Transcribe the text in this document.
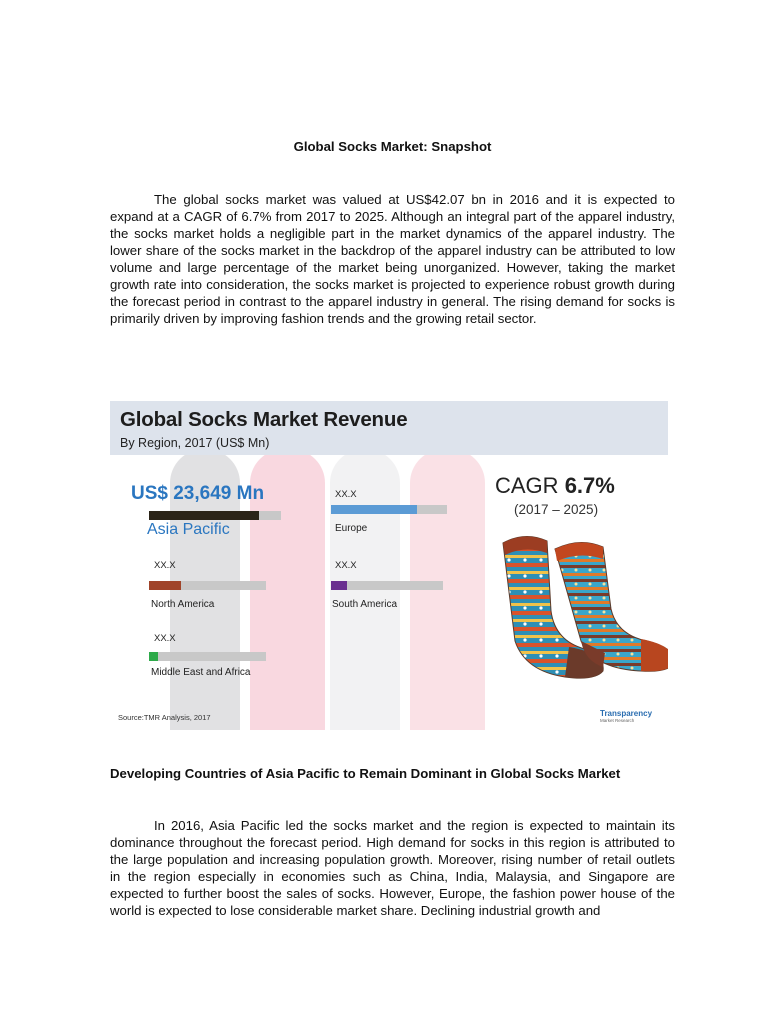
Global Socks Market: Snapshot

The global socks market was valued at US$42.07 bn in 2016 and it is expected to expand at a CAGR of 6.7% from 2017 to 2025. Although an integral part of the apparel industry, the socks market holds a negligible part in the market dynamics of the apparel industry. The lower share of the socks market in the backdrop of the apparel industry can be attributed to low volume and large percentage of the market being unorganized. However, taking the market growth rate into consideration, the socks market is projected to experience robust growth during the forecast period in contrast to the apparel industry in general. The rising demand for socks is primarily driven by improving fashion trends and the growing retail sector.

Global Socks Market Revenue
By Region, 2017 (US$ Mn)
US$ 23,649 Mn
Asia Pacific
XX.X
Europe
XX.X
North America
XX.X
South America
XX.X
Middle East and Africa
CAGR 6.7%
(2017 – 2025)
Source:TMR Analysis, 2017	Transparency
Market Research
Developing Countries of Asia Pacific to Remain Dominant in Global Socks Market

In 2016, Asia Pacific led the socks market and the region is expected to maintain its dominance throughout the forecast period. High demand for socks in this region is attributed to the large population and increasing population growth. Moreover, rising number of retail outlets in the region especially in economies such as China, India, Malaysia, and Singapore are expected to further boost the sales of socks. However, Europe, the fashion power house of the world is expected to lose considerable market share. Declining industrial growth and
